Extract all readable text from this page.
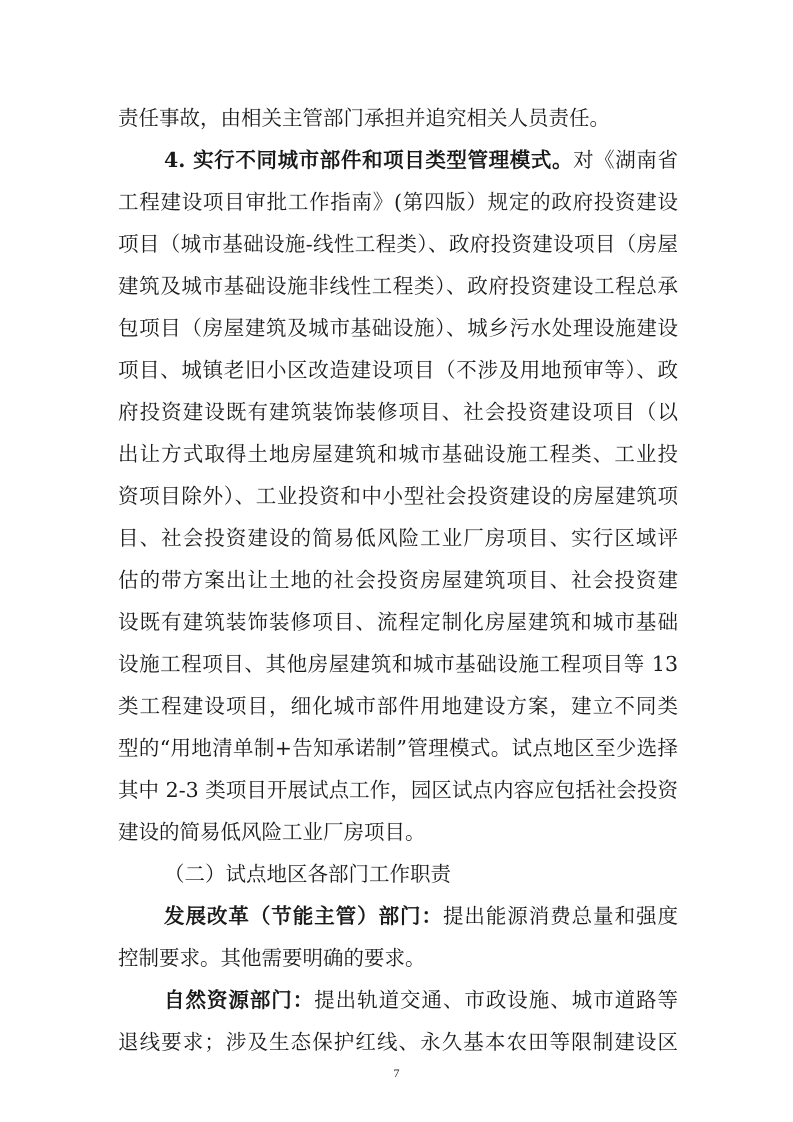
责任事故，由相关主管部门承担并追究相关人员责任。
4. 实行不同城市部件和项目类型管理模式。对《湖南省
工程建设项目审批工作指南》(第四版）规定的政府投资建设
项目（城市基础设施-线性工程类）、政府投资建设项目（房屋
建筑及城市基础设施非线性工程类）、政府投资建设工程总承
包项目（房屋建筑及城市基础设施）、城乡污水处理设施建设
项目、城镇老旧小区改造建设项目（不涉及用地预审等）、政
府投资建设既有建筑装饰装修项目、社会投资建设项目（以
出让方式取得土地房屋建筑和城市基础设施工程类、工业投
资项目除外）、工业投资和中小型社会投资建设的房屋建筑项
目、社会投资建设的简易低风险工业厂房项目、实行区域评
估的带方案出让土地的社会投资房屋建筑项目、社会投资建
设既有建筑装饰装修项目、流程定制化房屋建筑和城市基础
设施工程项目、其他房屋建筑和城市基础设施工程项目等 13
类工程建设项目，细化城市部件用地建设方案，建立不同类
型的“用地清单制+告知承诺制”管理模式。试点地区至少选择
其中 2-3 类项目开展试点工作，园区试点内容应包括社会投资
建设的简易低风险工业厂房项目。
（二）试点地区各部门工作职责
发展改革（节能主管）部门：提出能源消费总量和强度
控制要求。其他需要明确的要求。
自然资源部门：提出轨道交通、市政设施、城市道路等
退线要求；涉及生态保护红线、永久基本农田等限制建设区
7
